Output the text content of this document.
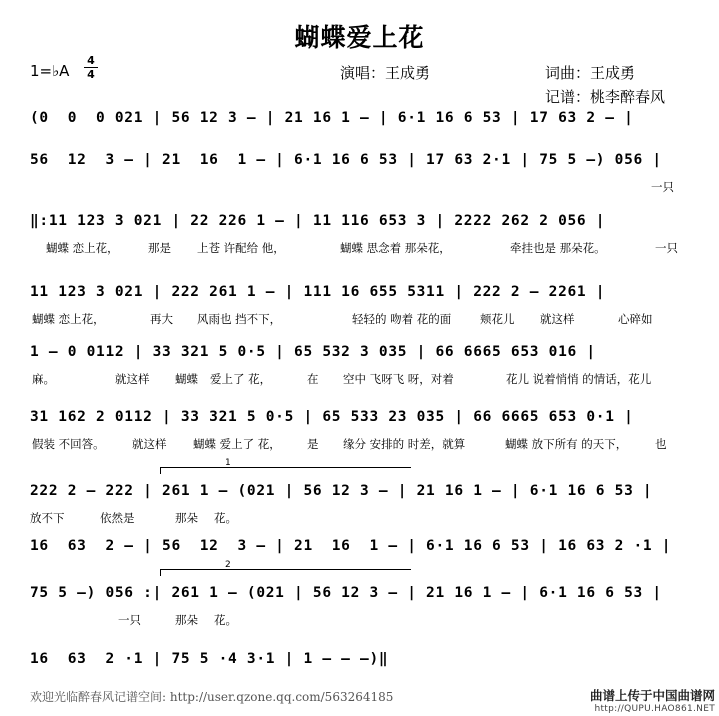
蝴蝶爱上花
1=♭A
4
4	演唱：王成勇	词曲：王成勇
记谱：桃李醉春风
(0  0  0 021 | 56 12 3 – | 21 16 1 – | 6·1 16 6 53 | 17 63 2 – |
56  12  3 – | 21  16  1 – | 6·1 16 6 53 | 17 63 2·1 | 75 5 –) 056 |
一只
‖:11 123 3 021 | 22 226 1 – | 11 116 653 3 | 2222 262 2 056 |
蝴蝶 恋上花，	那是 上苍 许配给 他，	蝴蝶 思念着 那朵花，	牵挂也是 那朵花。	一只
11 123 3 021 | 222 261 1 – | 111 16 655 5311 | 222 2 – 2261 |
蝴蝶 恋上花，	再大 风雨也 挡不下，	轻轻的 吻着 花的面 颊花儿 就这样	心碎如
1 – 0 0112 | 33 321 5 0·5 | 65 532 3 035 | 66 6665 653 016 |
麻。	就这样 蝴蝶 爱上了 花，	在 空中 飞呀飞 呀，对着	花儿 说着悄悄 的情话，花儿
31 162 2 0112 | 33 321 5 0·5 | 65 533 23 035 | 66 6665 653 0·1 |
假装 不回答。 就这样 蝴蝶 爱上了 花， 是 缘分 安排的 时差，就算	蝴蝶 放下所有 的天下， 也
222 2 – 222 | 261 1 – (021 | 56 12 3 – | 21 16 1 – | 6·1 16 6 53 |
放不下	依然是	那朵 花。
16  63  2 – | 56  12  3 – | 21  16  1 – | 6·1 16 6 53 | 16 63 2 ·1 |
75 5 –) 056 :| 261 1 – (021 | 56 12 3 – | 21 16 1 – | 6·1 16 6 53 |
一只	那朵 花。
16  63  2 ·1 | 75 5 ·4 3·1 | 1 – – –)‖
欢迎光临醉春风记谱空间: http://user.qzone.qq.com/563264185	曲谱上传于中国曲谱网
http://QUPU.HAO861.NET
1
2
